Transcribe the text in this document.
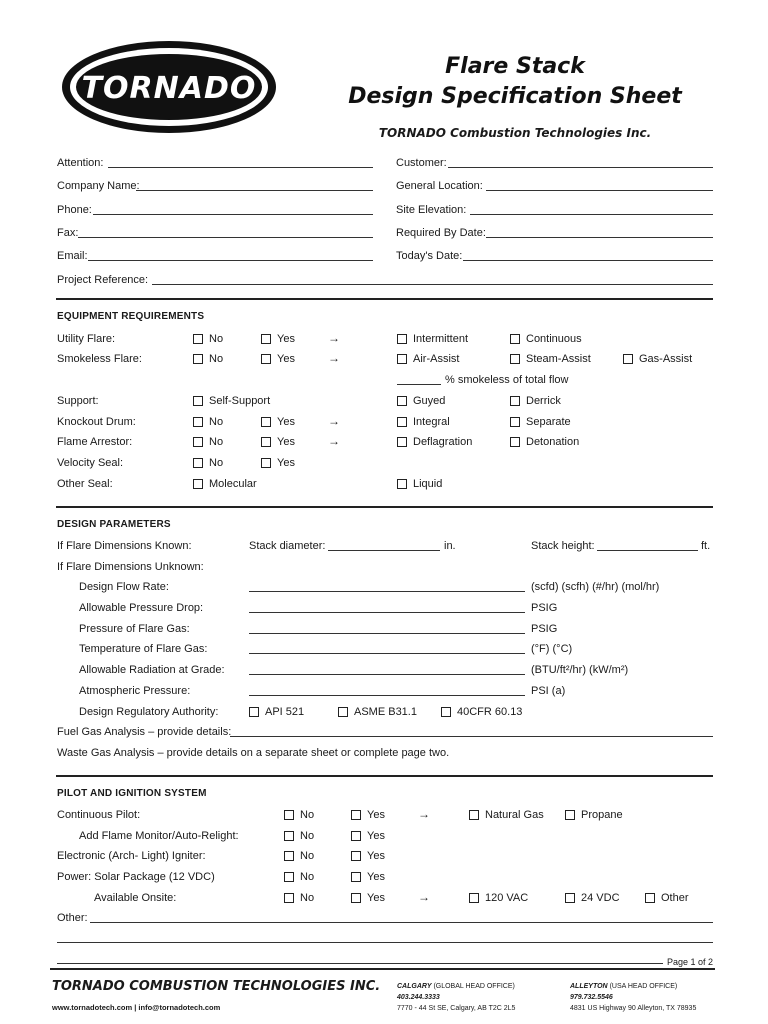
TORNADO
Flare Stack
Design Specification Sheet
TORNADO Combustion Technologies Inc.
Attention:
Company Name:
Phone:
Fax:
Email:
Project Reference:
Customer:
General Location:
Site Elevation:
Required By Date:
Today's Date:
EQUIPMENT REQUIREMENTS
Utility Flare:	No	Yes	→	Intermittent	Continuous
Smokeless Flare:	No	Yes	→	Air-Assist	Steam-Assist	Gas-Assist
% smokeless of total flow
Support:	Self-Support	Guyed	Derrick
Knockout Drum:	No	Yes	→	Integral	Separate
Flame Arrestor:	No	Yes	→	Deflagration	Detonation
Velocity Seal:	No	Yes
Other Seal:	Molecular	Liquid
DESIGN PARAMETERS
If Flare Dimensions Known:	Stack diameter:	in.	Stack height:	ft.
If Flare Dimensions Unknown:
Design Flow Rate:	(scfd) (scfh) (#/hr) (mol/hr)
Allowable Pressure Drop:	PSIG
Pressure of Flare Gas:	PSIG
Temperature of Flare Gas:	(°F) (°C)
Allowable Radiation at Grade:	(BTU/ft²/hr) (kW/m²)
Atmospheric Pressure:	PSI (a)
Design Regulatory Authority:	API 521	ASME B31.1	40CFR 60.13
Fuel Gas Analysis – provide details:
Waste Gas Analysis – provide details on a separate sheet or complete page two.
PILOT AND IGNITION SYSTEM
Continuous Pilot:	No	Yes	→	Natural Gas	Propane
Add Flame Monitor/Auto-Relight:	No	Yes
Electronic (Arch- Light) Igniter:	No	Yes
Power: Solar Package (12 VDC)	No	Yes
Available Onsite:	No	Yes	→	120 VAC	24 VDC	Other
Other:
Page 1 of 2
TORNADO COMBUSTION TECHNOLOGIES INC.
www.tornadotech.com | info@tornadotech.com
CALGARY (GLOBAL HEAD OFFICE)
403.244.3333
7770 - 44 St SE, Calgary, AB T2C 2L5
ALLEYTON (USA HEAD OFFICE)
979.732.5546
4831 US Highway 90 Alleyton, TX 78935
